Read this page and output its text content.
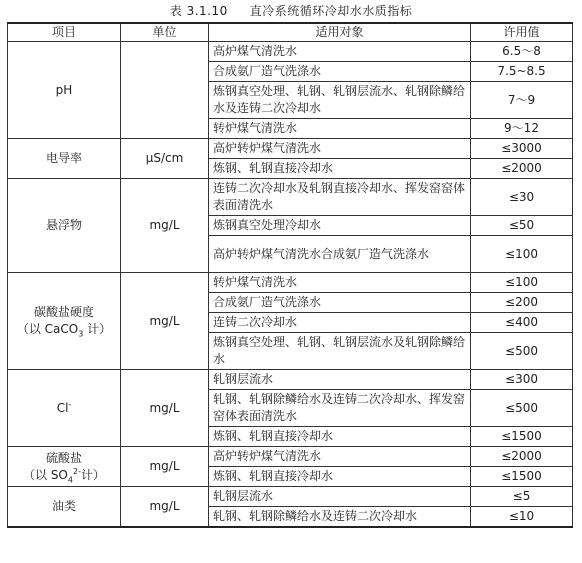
表 3.1.10 直冷系统循环冷却水水质指标
项目	单位	适用对象	许用值
pH		高炉煤气清洗水	6.5～8
		合成氨厂造气洗涤水	7.5~8.5
		炼钢真空处理、轧钢、轧钢层流水、轧钢除鳞给水及连铸二次冷却水	7～9
		转炉煤气清洗水	9～12
电导率	μS/cm	高炉转炉煤气清洗水	≤3000
		炼钢、轧钢直接冷却水	≤2000
悬浮物	mg/L	连铸二次冷却水及轧钢直接冷却水、挥发窑窑体表面清洗水	≤30
		炼钢真空处理冷却水	≤50
		高炉转炉煤气清洗水合成氨厂造气洗涤水	≤100
碳酸盐硬度
（以 CaCO$_3$ 计）	mg/L	转炉煤气清洗水	≤100
		合成氨厂造气洗涤水	≤200
		连铸二次冷却水	≤400
		炼钢真空处理、轧钢、轧钢层流水及轧钢除鳞给水	≤500
Cl-	mg/L	轧钢层流水	≤300
		轧钢、轧钢除鳞给水及连铸二次冷却水、挥发窑窑体表面清洗水	≤500
		炼钢、轧钢直接冷却水	≤1500
硫酸盐
（以 $SO_4^{2-}$计）	mg/L	高炉转炉煤气清洗水	≤2000
		炼钢、轧钢直接冷却水	≤1500
油类	mg/L	轧钢层流水	≤5
		轧钢、轧钢除鳞给水及连铸二次冷却水	≤10
